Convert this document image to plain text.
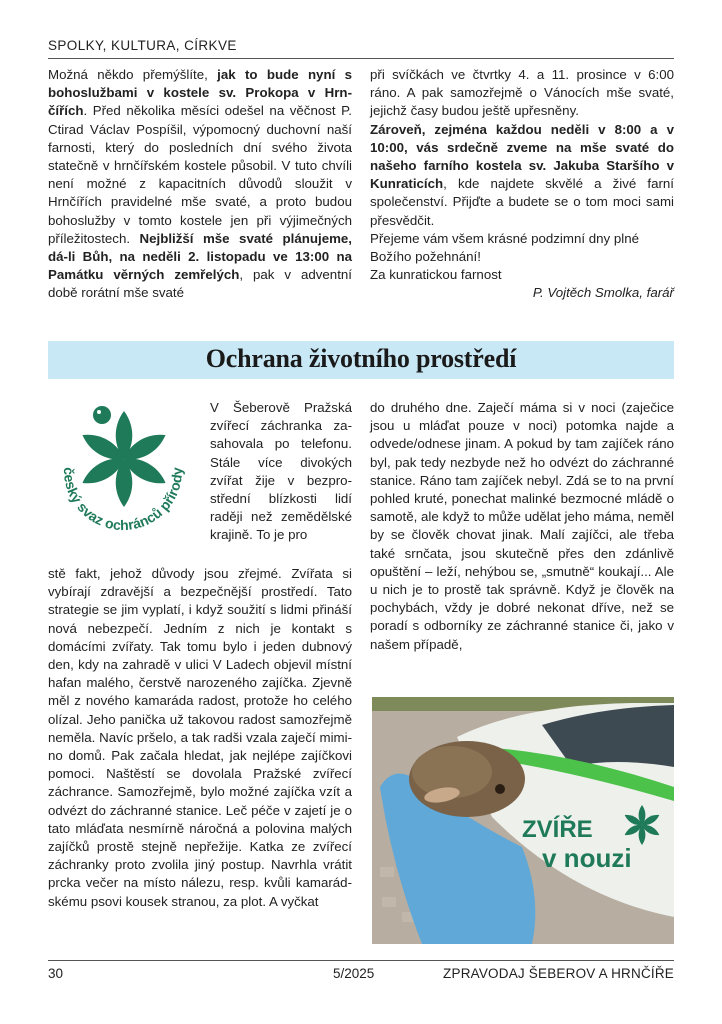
SPOLKY, KULTURA, CÍRKVE

Možná někdo přemýšlíte, jak to bude nyní s bohoslužbami v kostele sv. Prokopa v Hrnčířích. Před několika měsíci odešel na věčnost P. Ctirad Václav Pospíšil, výpomocný duchovní naší farnosti, který do posledních dní svého života statečně v hrnčířském kostele působil. V tuto chvíli není možné z kapacitních důvodů sloužit v Hrnčířích pravidelné mše svaté, a proto budou bohoslužby v tomto kostele jen při výjimečných příležitostech. Nejbližší mše svaté plánujeme, dá-li Bůh, na neděli 2. listopadu ve 13:00 na Památku věrných zemřelých, pak v adventní době rorátní mše svaté

při svíčkách ve čtvrtky 4. a 11. prosince v 6:00 ráno. A pak samozřejmě o Vánocích mše svaté, jejichž časy budou ještě upřesněny.

Zároveň, zejména každou neděli v 8:00 a v 10:00, vás srdečně zveme na mše svaté do našeho farního kostela sv. Jakuba Staršího v Kunraticích, kde najdete skvělé a živé farní společenství. Přijďte a budete se o tom moci sami přesvědčit.

Přejeme vám všem krásné podzimní dny plné Božího požehnání!

Za kunratickou farnost

P. Vojtěch Smolka, farář

Ochrana životního prostředí
český svaz ochránců přírody
V Šeberově Pražská zvířecí záchranka zasahovala po telefonu. Stále více divokých zvířat žije v bezprostřední blízkosti lidí raději než zemědělské krajině. To je pro
stě fakt, jehož důvody jsou zřejmé. Zvířata si vybírají zdravější a bezpečnější prostředí. Tato strategie se jim vyplatí, i když soužití s lidmi přináší nová nebezpečí. Jedním z nich je kontakt s domácími zvířaty. Tak tomu bylo i jeden dubnový den, kdy na zahradě v ulici V Ladech objevil místní hafan malého, čerstvě narozeného zajíčka. Zjevně měl z nového kamaráda radost, protože ho celého olízal. Jeho panička už takovou radost samozřejmě neměla. Navíc pršelo, a tak radši vzala zaječí mimino domů. Pak začala hledat, jak nejlépe zajíčkovi pomoci. Naštěstí se dovolala Pražské zvířecí záchrance. Samozřejmě, bylo možné zajíčka vzít a odvézt do záchranné stanice. Leč péče v zajetí je o tato mláďata nesmírně náročná a polovina malých zajíčků prostě stejně nepřežije. Katka ze zvířecí záchranky proto zvolila jiný postup. Navrhla vrátit prcka večer na místo nálezu, resp. kvůli kamarádskému psovi kousek stranou, za plot. A vyčkat
do druhého dne. Zaječí máma si v noci (zaječice jsou u mláďat pouze v noci) potomka najde a odvede/odnese jinam. A pokud by tam zajíček ráno byl, pak tedy nezbyde než ho odvézt do záchranné stanice. Ráno tam zajíček nebyl. Zdá se to na první pohled kruté, ponechat malinké bezmocné mládě o samotě, ale když to může udělat jeho máma, neměl by se člověk chovat jinak. Malí zajíčci, ale třeba také srnčata, jsou skutečně přes den zdánlivě opuštění – leží, nehýbou se, „smutně“ koukají... Ale u nich je to prostě tak správně. Když je člověk na pochybách, vždy je dobré nekonat dříve, než se poradí s odborníky ze záchranné stanice či, jako v našem případě,
ZVÍŘE
v nouzi
30	5/2025	ZPRAVODAJ ŠEBEROV A HRNČÍŘE
